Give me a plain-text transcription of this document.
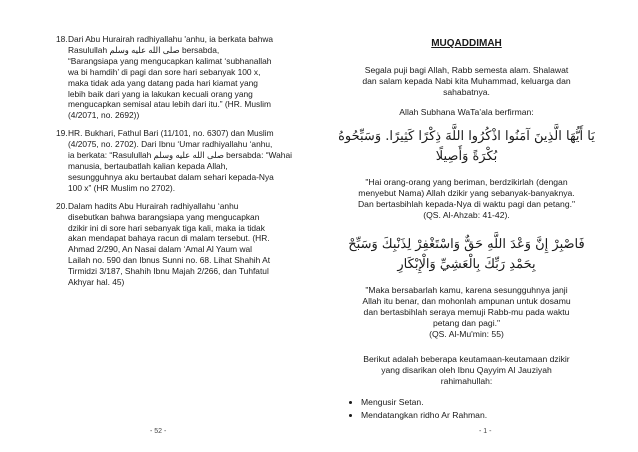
18. Dari Abu Hurairah radhiyallahu 'anhu, ia berkata bahwa
Rasulullah صلى الله عليه وسلم bersabda,
“Barangsiapa yang mengucapkan kalimat ‘subhanallah
wa bi hamdih’ di pagi dan sore hari sebanyak 100 x,
maka tidak ada yang datang pada hari kiamat yang
lebih baik dari yang ia lakukan kecuali orang yang
mengucapkan semisal atau lebih dari itu.” (HR. Muslim
(4/2071, no. 2692))
19. HR. Bukhari, Fathul Bari (11/101, no. 6307) dan Muslim
(4/2075, no. 2702). Dari Ibnu ‘Umar radhiyallahu ‘anhu,
ia berkata: “Rasulullah صلى الله عليه وسلم bersabda: “Wahai
manusia, bertaubatlah kalian kepada Allah,
sesungguhnya aku bertaubat dalam sehari kepada-Nya
100 x” (HR Muslim no 2702).
20. Dalam hadits Abu Hurairah radhiyallahu ‘anhu
disebutkan bahwa barangsiapa yang mengucapkan
dzikir ini di sore hari sebanyak tiga kali, maka ia tidak
akan mendapat bahaya racun di malam tersebut. (HR.
Ahmad 2/290, An Nasai dalam ‘Amal Al Yaum wal
Lailah no. 590 dan Ibnus Sunni no. 68. Lihat Shahih At
Tirmidzi 3/187, Shahih Ibnu Majah 2/266, dan Tuhfatul
Akhyar hal. 45)
- 52 -
MUQADDIMAH
Segala puji bagi Allah, Rabb semesta alam. Shalawat
dan salam kepada Nabi kita Muhammad, keluarga dan
sahabatnya.
Allah Subhana WaTa’ala berfirman:
يَا أَيُّهَا الَّذِينَ آمَنُوا اذْكُرُوا اللَّهَ ذِكْرًا كَثِيرًا. وَسَبِّحُوهُ بُكْرَةً وَأَصِيلًا
"Hai orang-orang yang beriman, berdzikirlah (dengan
menyebut Nama) Allah dzikir yang sebanyak-banyaknya.
Dan bertasbihlah kepada-Nya di waktu pagi dan petang."
(QS. Al-Ahzab: 41-42).
فَاصْبِرْ إِنَّ وَعْدَ اللَّهِ حَقٌّ وَاسْتَغْفِرْ لِذَنْبِكَ وَسَبِّحْ
بِحَمْدِ رَبِّكَ بِالْعَشِيِّ وَالْإِبْكَارِ
"Maka bersabarlah kamu, karena sesungguhnya janji
Allah itu benar, dan mohonlah ampunan untuk dosamu
dan bertasbihlah seraya memuji Rabb-mu pada waktu
petang dan pagi."
(QS. Al-Mu'min: 55)
Berikut adalah beberapa keutamaan-keutamaan dzikir
yang disarikan oleh Ibnu Qayyim Al Jauziyah
rahimahullah:
• Mengusir Setan.
• Mendatangkan ridho Ar Rahman.
- 1 -
